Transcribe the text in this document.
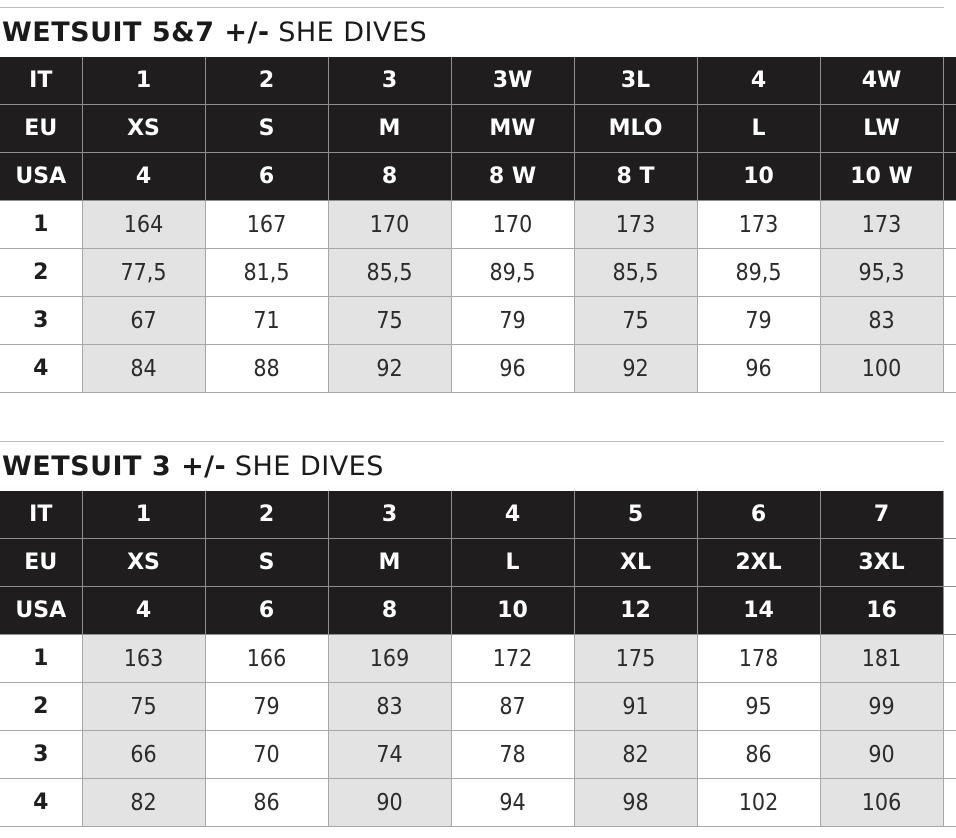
WETSUIT 5&7 +/- SHE DIVES
IT	1	2	3	3W	3L	4	4W	
EU	XS	S	M	MW	MLO	L	LW	
USA	4	6	8	8 W	8 T	10	10 W	
1	164	167	170	170	173	173	173	
2	77,5	81,5	85,5	89,5	85,5	89,5	95,3	
3	67	71	75	79	75	79	83	
4	84	88	92	96	92	96	100	
WETSUIT 3 +/- SHE DIVES
IT	1	2	3	4	5	6	7	
EU	XS	S	M	L	XL	2XL	3XL	
USA	4	6	8	10	12	14	16	
1	163	166	169	172	175	178	181	
2	75	79	83	87	91	95	99	
3	66	70	74	78	82	86	90	
4	82	86	90	94	98	102	106	
